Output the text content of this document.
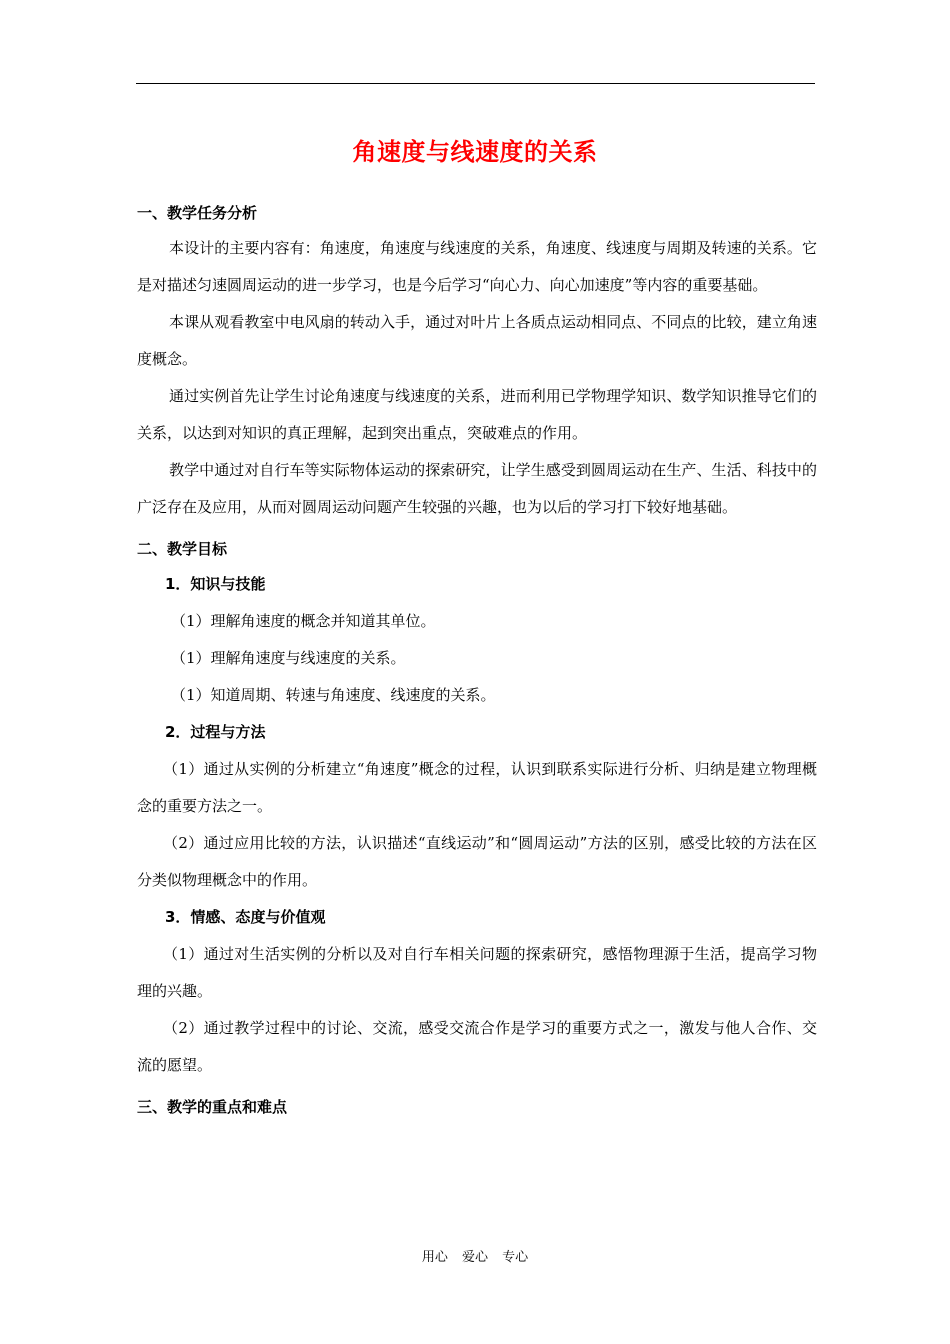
角速度与线速度的关系
一、教学任务分析

本设计的主要内容有：角速度，角速度与线速度的关系，角速度、线速度与周期及转速的关系。它是对描述匀速圆周运动的进一步学习，也是今后学习“向心力、向心加速度”等内容的重要基础。

本课从观看教室中电风扇的转动入手，通过对叶片上各质点运动相同点、不同点的比较，建立角速度概念。

通过实例首先让学生讨论角速度与线速度的关系，进而利用已学物理学知识、数学知识推导它们的关系，以达到对知识的真正理解，起到突出重点，突破难点的作用。

教学中通过对自行车等实际物体运动的探索研究，让学生感受到圆周运动在生产、生活、科技中的广泛存在及应用，从而对圆周运动问题产生较强的兴趣，也为以后的学习打下较好地基础。

二、教学目标
1．知识与技能

（1）理解角速度的概念并知道其单位。

（1）理解角速度与线速度的关系。

（1）知道周期、转速与角速度、线速度的关系。

2．过程与方法

（1）通过从实例的分析建立“角速度”概念的过程，认识到联系实际进行分析、归纳是建立物理概念的重要方法之一。

（2）通过应用比较的方法，认识描述“直线运动”和“圆周运动”方法的区别，感受比较的方法在区分类似物理概念中的作用。

3．情感、态度与价值观

（1）通过对生活实例的分析以及对自行车相关问题的探索研究，感悟物理源于生活，提高学习物理的兴趣。

（2）通过教学过程中的讨论、交流，感受交流合作是学习的重要方式之一，激发与他人合作、交流的愿望。

三、教学的重点和难点
用心 爱心 专心
